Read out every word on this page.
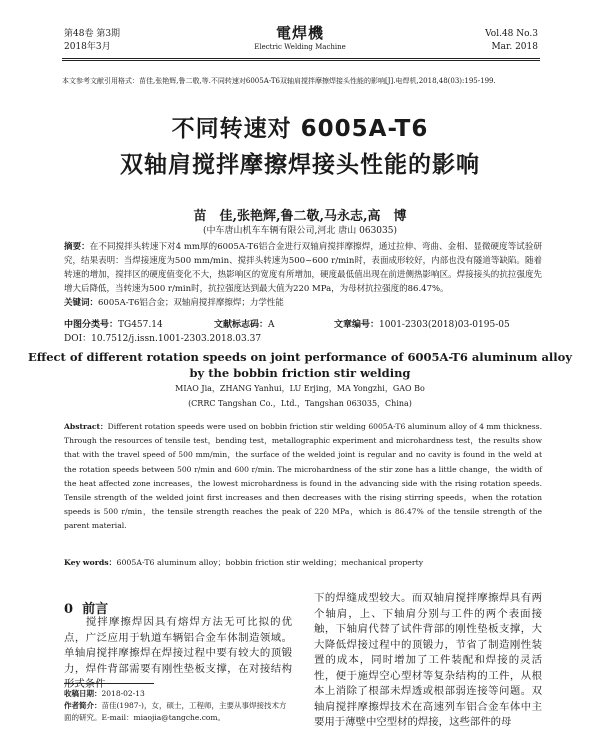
第48卷 第3期
2018年3月
電焊機
Electric Welding Machine
Vol.48 No.3
Mar. 2018
本文参考文献引用格式：苗佳,张艳辉,鲁二敬,等.不同转速对6005A-T6双轴肩搅拌摩擦焊接头性能的影响[J].电焊机,2018,48(03):195-199.
不同转速对 6005A-T6
双轴肩搅拌摩擦焊接头性能的影响
苗　佳,张艳辉,鲁二敬,马永志,高　博
(中车唐山机车车辆有限公司,河北 唐山 063035)
摘要：在不同搅拌头转速下对4 mm厚的6005A-T6铝合金进行双轴肩搅拌摩擦焊，通过拉伸、弯曲、金相、显微硬度等试验研究，结果表明：当焊接速度为500 mm/min、搅拌头转速为500~600 r/min时，表面成形较好，内部也没有隧道等缺陷。随着转速的增加，搅拌区的硬度值变化不大，热影响区的宽度有所增加，硬度最低值出现在前进侧热影响区。焊接接头的抗拉强度先增大后降低，当转速为500 r/min时，抗拉强度达到最大值为220 MPa，为母材抗拉强度的86.47%。
关键词：6005A-T6铝合金；双轴肩搅拌摩擦焊；力学性能
中图分类号：TG457.14	文献标志码：A	文章编号：1001-2303(2018)03-0195-05
DOI：10.7512/j.issn.1001-2303.2018.03.37
Effect of different rotation speeds on joint performance of 6005A-T6 aluminum alloy
by the bobbin friction stir welding
MIAO Jia，ZHANG Yanhui，LU Erjing，MA Yongzhi，GAO Bo
(CRRC Tangshan Co.，Ltd.，Tangshan 063035，China)
Abstract：Different rotation speeds were used on bobbin friction stir welding 6005A-T6 aluminum alloy of 4 mm thickness. Through the resources of tensile test，bending test，metallographic experiment and microhardness test，the results show that with the travel speed of 500 mm/min，the surface of the welded joint is regular and no cavity is found in the weld at the rotation speeds between 500 r/min and 600 r/min. The microhardness of the stir zone has a little change，the width of the heat affected zone increases，the lowest microhardness is found in the advancing side with the rising rotation speeds. Tensile strength of the welded joint first increases and then decreases with the rising stirring speeds，when the rotation speeds is 500 r/min，the tensile strength reaches the peak of 220 MPa，which is 86.47% of the tensile strength of the parent material.
Key words：6005A-T6 aluminum alloy；bobbin friction stir welding；mechanical property
0 前言
搅拌摩擦焊因具有熔焊方法无可比拟的优点，广泛应用于轨道车辆铝合金车体制造领域。单轴肩搅拌摩擦焊在焊接过程中要有较大的顶锻力，焊件背部需要有刚性垫板支撑，在对接结构形式条件
下的焊缝成型较大。而双轴肩搅拌摩擦焊具有两个轴肩，上、下轴肩分别与工件的两个表面接触，下轴肩代替了试件背部的刚性垫板支撑，大大降低焊接过程中的顶锻力，节省了制造刚性装置的成本，同时增加了工件装配和焊接的灵活性，便于施焊空心型材等复杂结构的工件，从根本上消除了根部未焊透或根部弱连接等问题。双轴肩搅拌摩擦焊技术在高速列车铝合金车体中主要用于薄壁中空型材的焊接，这些部件的母
收稿日期：2018-02-13
作者简介：苗佳(1987-)，女，硕士，工程师，主要从事焊接技术方面的研究。E-mail：miaojia@tangche.com。
